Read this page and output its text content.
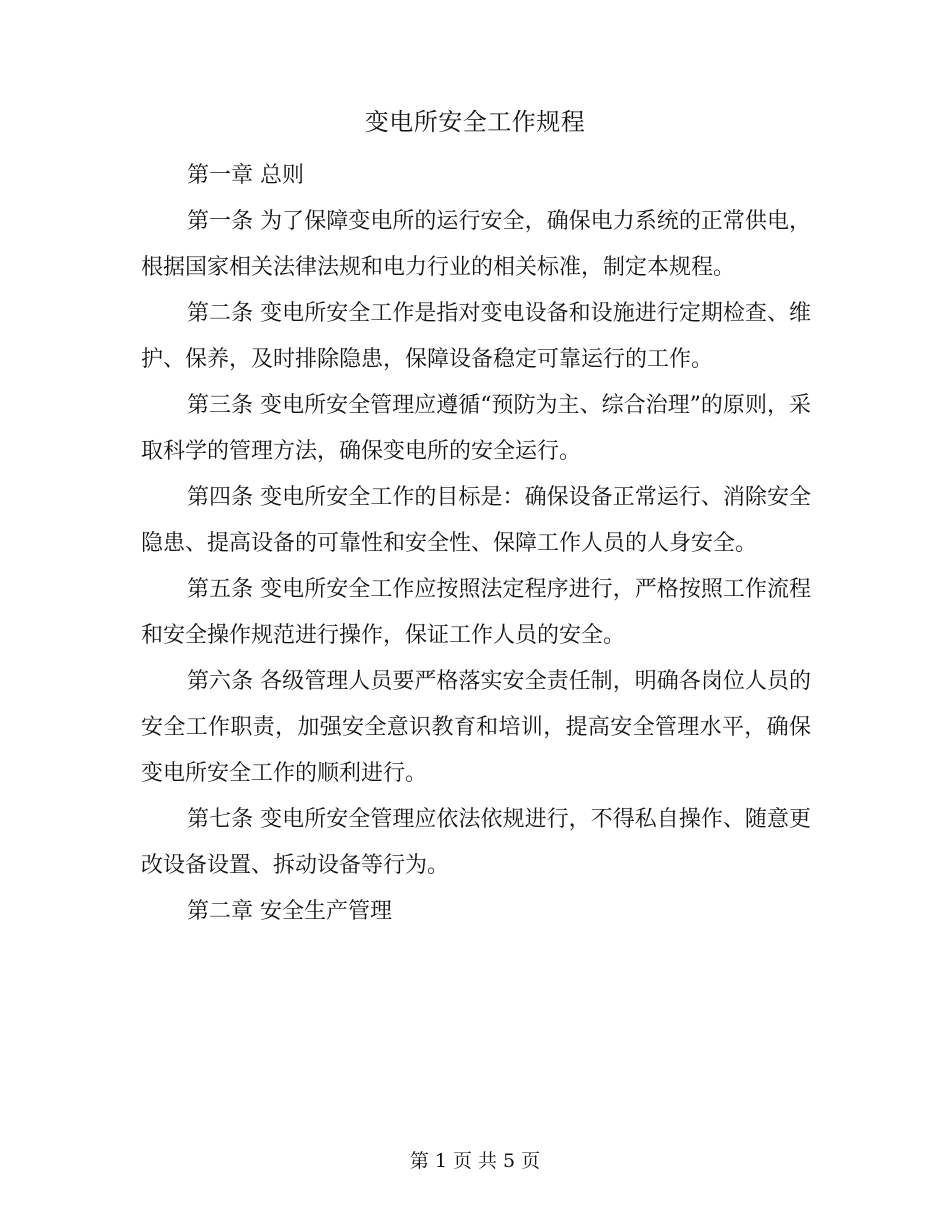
变电所安全工作规程

第一章 总则

第一条 为了保障变电所的运行安全，确保电力系统的正常供电，根据国家相关法律法规和电力行业的相关标准，制定本规程。

第二条 变电所安全工作是指对变电设备和设施进行定期检查、维护、保养，及时排除隐患，保障设备稳定可靠运行的工作。

第三条 变电所安全管理应遵循“预防为主、综合治理”的原则，采取科学的管理方法，确保变电所的安全运行。

第四条 变电所安全工作的目标是：确保设备正常运行、消除安全隐患、提高设备的可靠性和安全性、保障工作人员的人身安全。

第五条 变电所安全工作应按照法定程序进行，严格按照工作流程和安全操作规范进行操作，保证工作人员的安全。

第六条 各级管理人员要严格落实安全责任制，明确各岗位人员的安全工作职责，加强安全意识教育和培训，提高安全管理水平，确保变电所安全工作的顺利进行。

第七条 变电所安全管理应依法依规进行，不得私自操作、随意更改设备设置、拆动设备等行为。

第二章 安全生产管理

第 1 页 共 5 页
